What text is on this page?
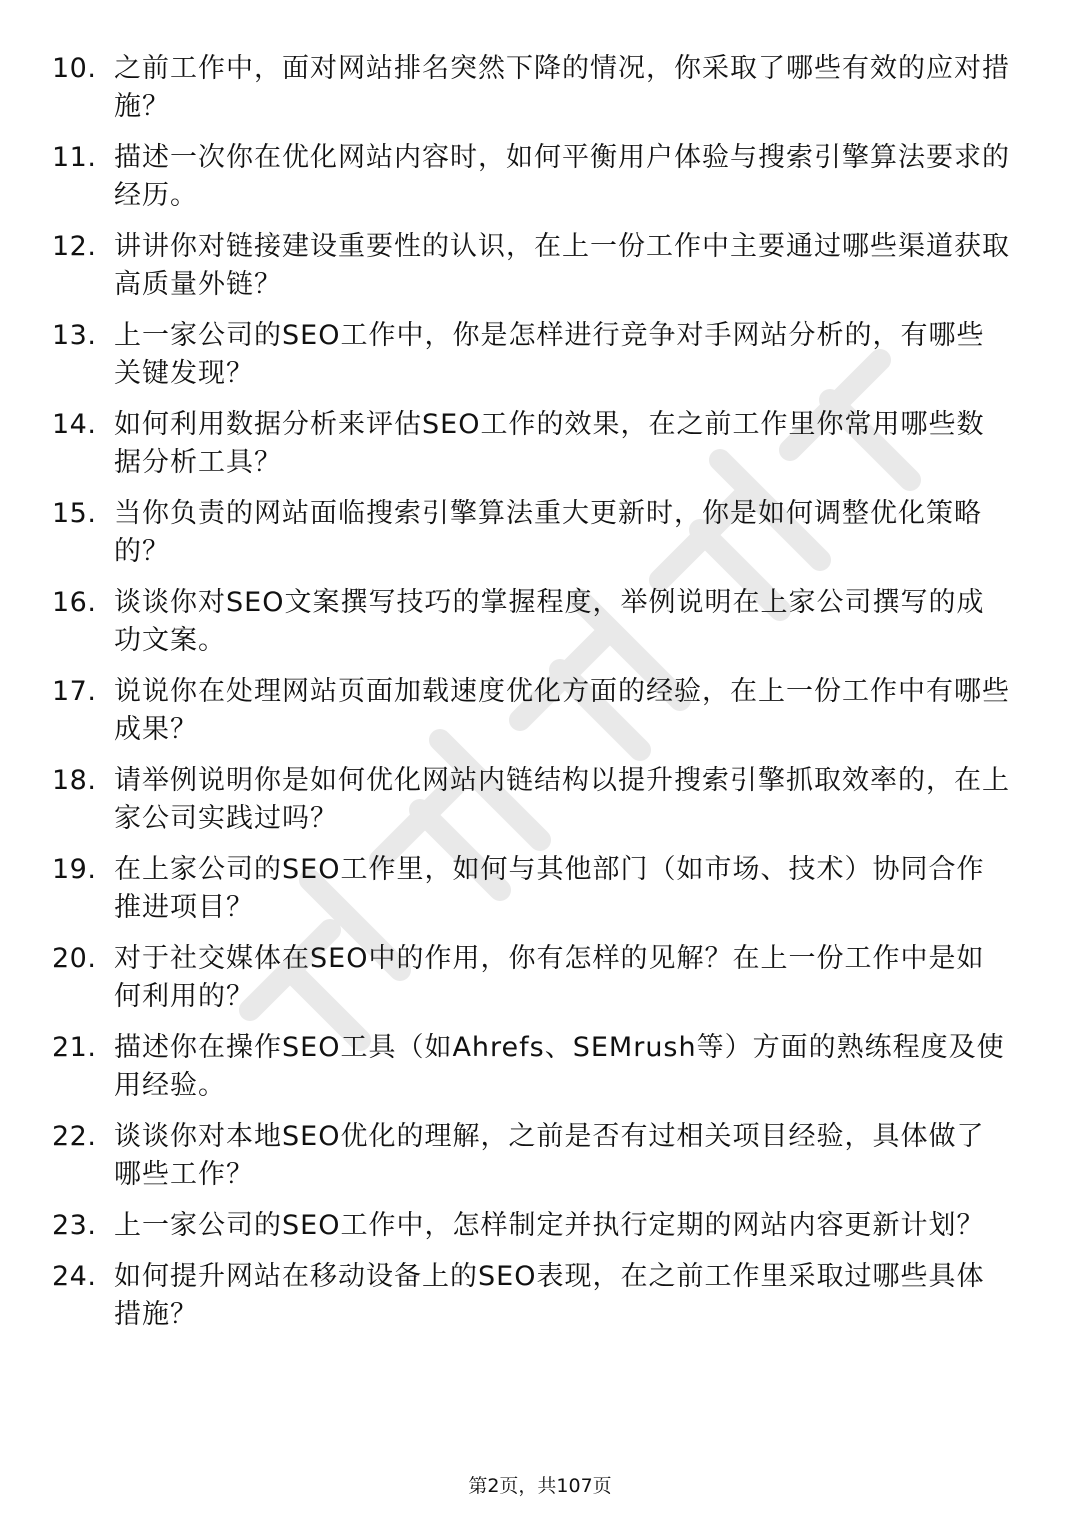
10. 之前工作中，面对网站排名突然下降的情况，你采取了哪些有效的应对措施？
11. 描述一次你在优化网站内容时，如何平衡用户体验与搜索引擎算法要求的经历。
12. 讲讲你对链接建设重要性的认识，在上一份工作中主要通过哪些渠道获取高质量外链？
13. 上一家公司的SEO工作中，你是怎样进行竞争对手网站分析的，有哪些关键发现？
14. 如何利用数据分析来评估SEO工作的效果，在之前工作里你常用哪些数据分析工具？
15. 当你负责的网站面临搜索引擎算法重大更新时，你是如何调整优化策略的？
16. 谈谈你对SEO文案撰写技巧的掌握程度，举例说明在上家公司撰写的成功文案。
17. 说说你在处理网站页面加载速度优化方面的经验，在上一份工作中有哪些成果？
18. 请举例说明你是如何优化网站内链结构以提升搜索引擎抓取效率的，在上家公司实践过吗？
19. 在上家公司的SEO工作里，如何与其他部门（如市场、技术）协同合作推进项目？
20. 对于社交媒体在SEO中的作用，你有怎样的见解？在上一份工作中是如何利用的？
21. 描述你在操作SEO工具（如Ahrefs、SEMrush等）方面的熟练程度及使用经验。
22. 谈谈你对本地SEO优化的理解，之前是否有过相关项目经验，具体做了哪些工作？
23. 上一家公司的SEO工作中，怎样制定并执行定期的网站内容更新计划？
24. 如何提升网站在移动设备上的SEO表现，在之前工作里采取过哪些具体措施？
第2页，共107页
